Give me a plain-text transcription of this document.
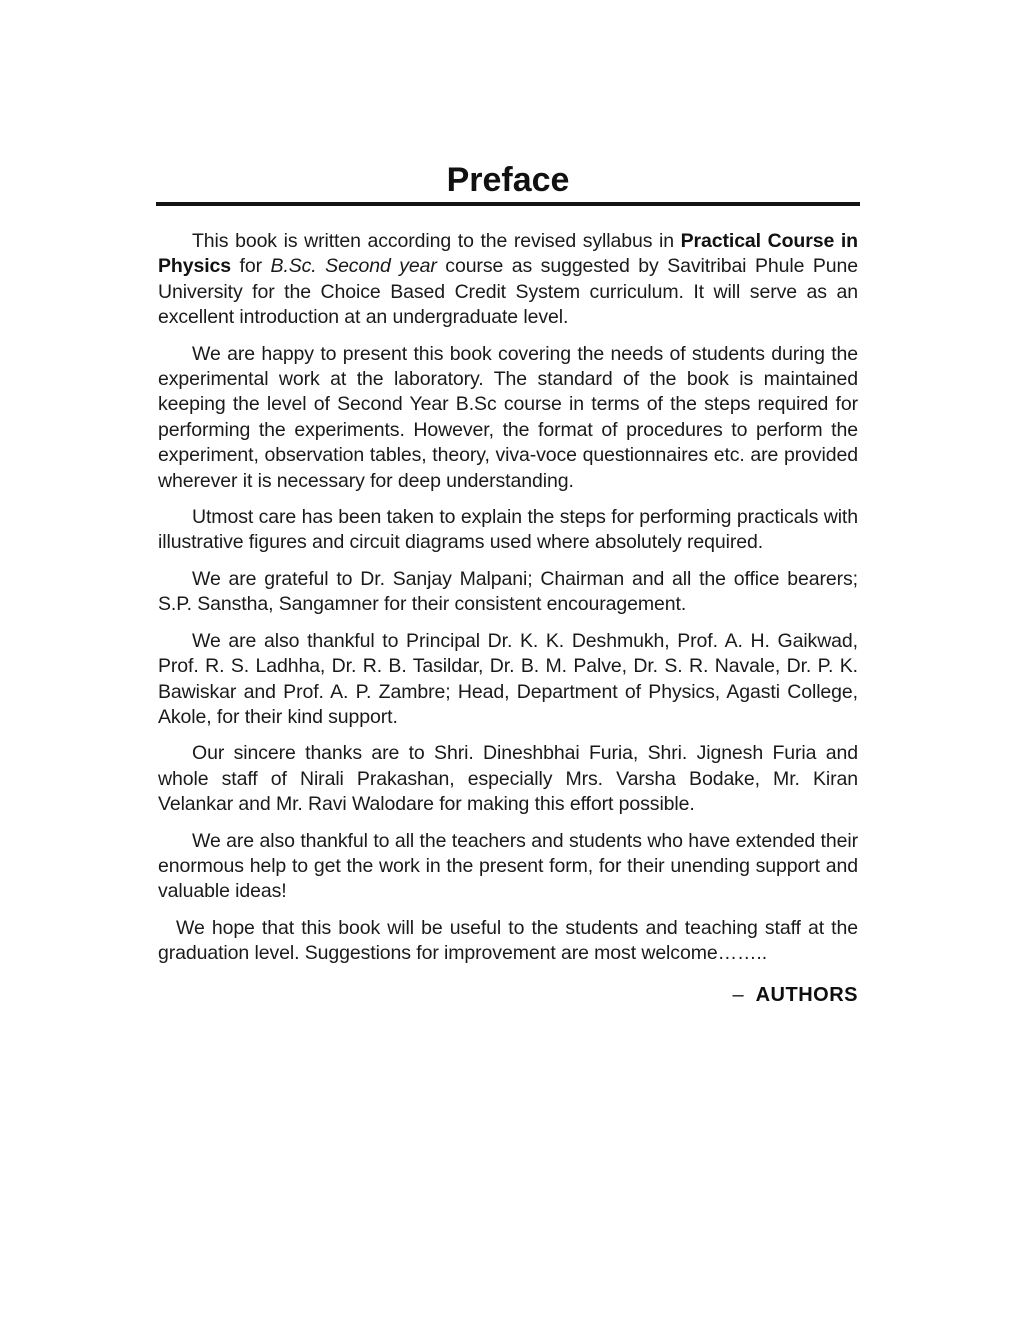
Preface

This book is written according to the revised syllabus in Practical Course in Physics for B.Sc. Second year course as suggested by Savitribai Phule Pune University for the Choice Based Credit System curriculum. It will serve as an excellent introduction at an undergraduate level.

We are happy to present this book covering the needs of students during the experimental work at the laboratory. The standard of the book is maintained keeping the level of Second Year B.Sc course in terms of the steps required for performing the experiments. However, the format of procedures to perform the experiment, observation tables, theory, viva-voce questionnaires etc. are provided wherever it is necessary for deep understanding.

Utmost care has been taken to explain the steps for performing practicals with illustrative figures and circuit diagrams used where absolutely required.

We are grateful to Dr. Sanjay Malpani; Chairman and all the office bearers; S.P. Sanstha, Sangamner for their consistent encouragement.

We are also thankful to Principal Dr. K. K. Deshmukh, Prof. A. H. Gaikwad, Prof. R. S. Ladhha, Dr. R. B. Tasildar, Dr. B. M. Palve, Dr. S. R. Navale, Dr. P. K. Bawiskar and Prof. A. P. Zambre; Head, Department of Physics, Agasti College, Akole, for their kind support.

Our sincere thanks are to Shri. Dineshbhai Furia, Shri. Jignesh Furia and whole staff of Nirali Prakashan, especially Mrs. Varsha Bodake, Mr. Kiran Velankar and Mr. Ravi Walodare for making this effort possible.

We are also thankful to all the teachers and students who have extended their enormous help to get the work in the present form, for their unending support and valuable ideas!

We hope that this book will be useful to the students and teaching staff at the graduation level. Suggestions for improvement are most welcome……..

– AUTHORS
